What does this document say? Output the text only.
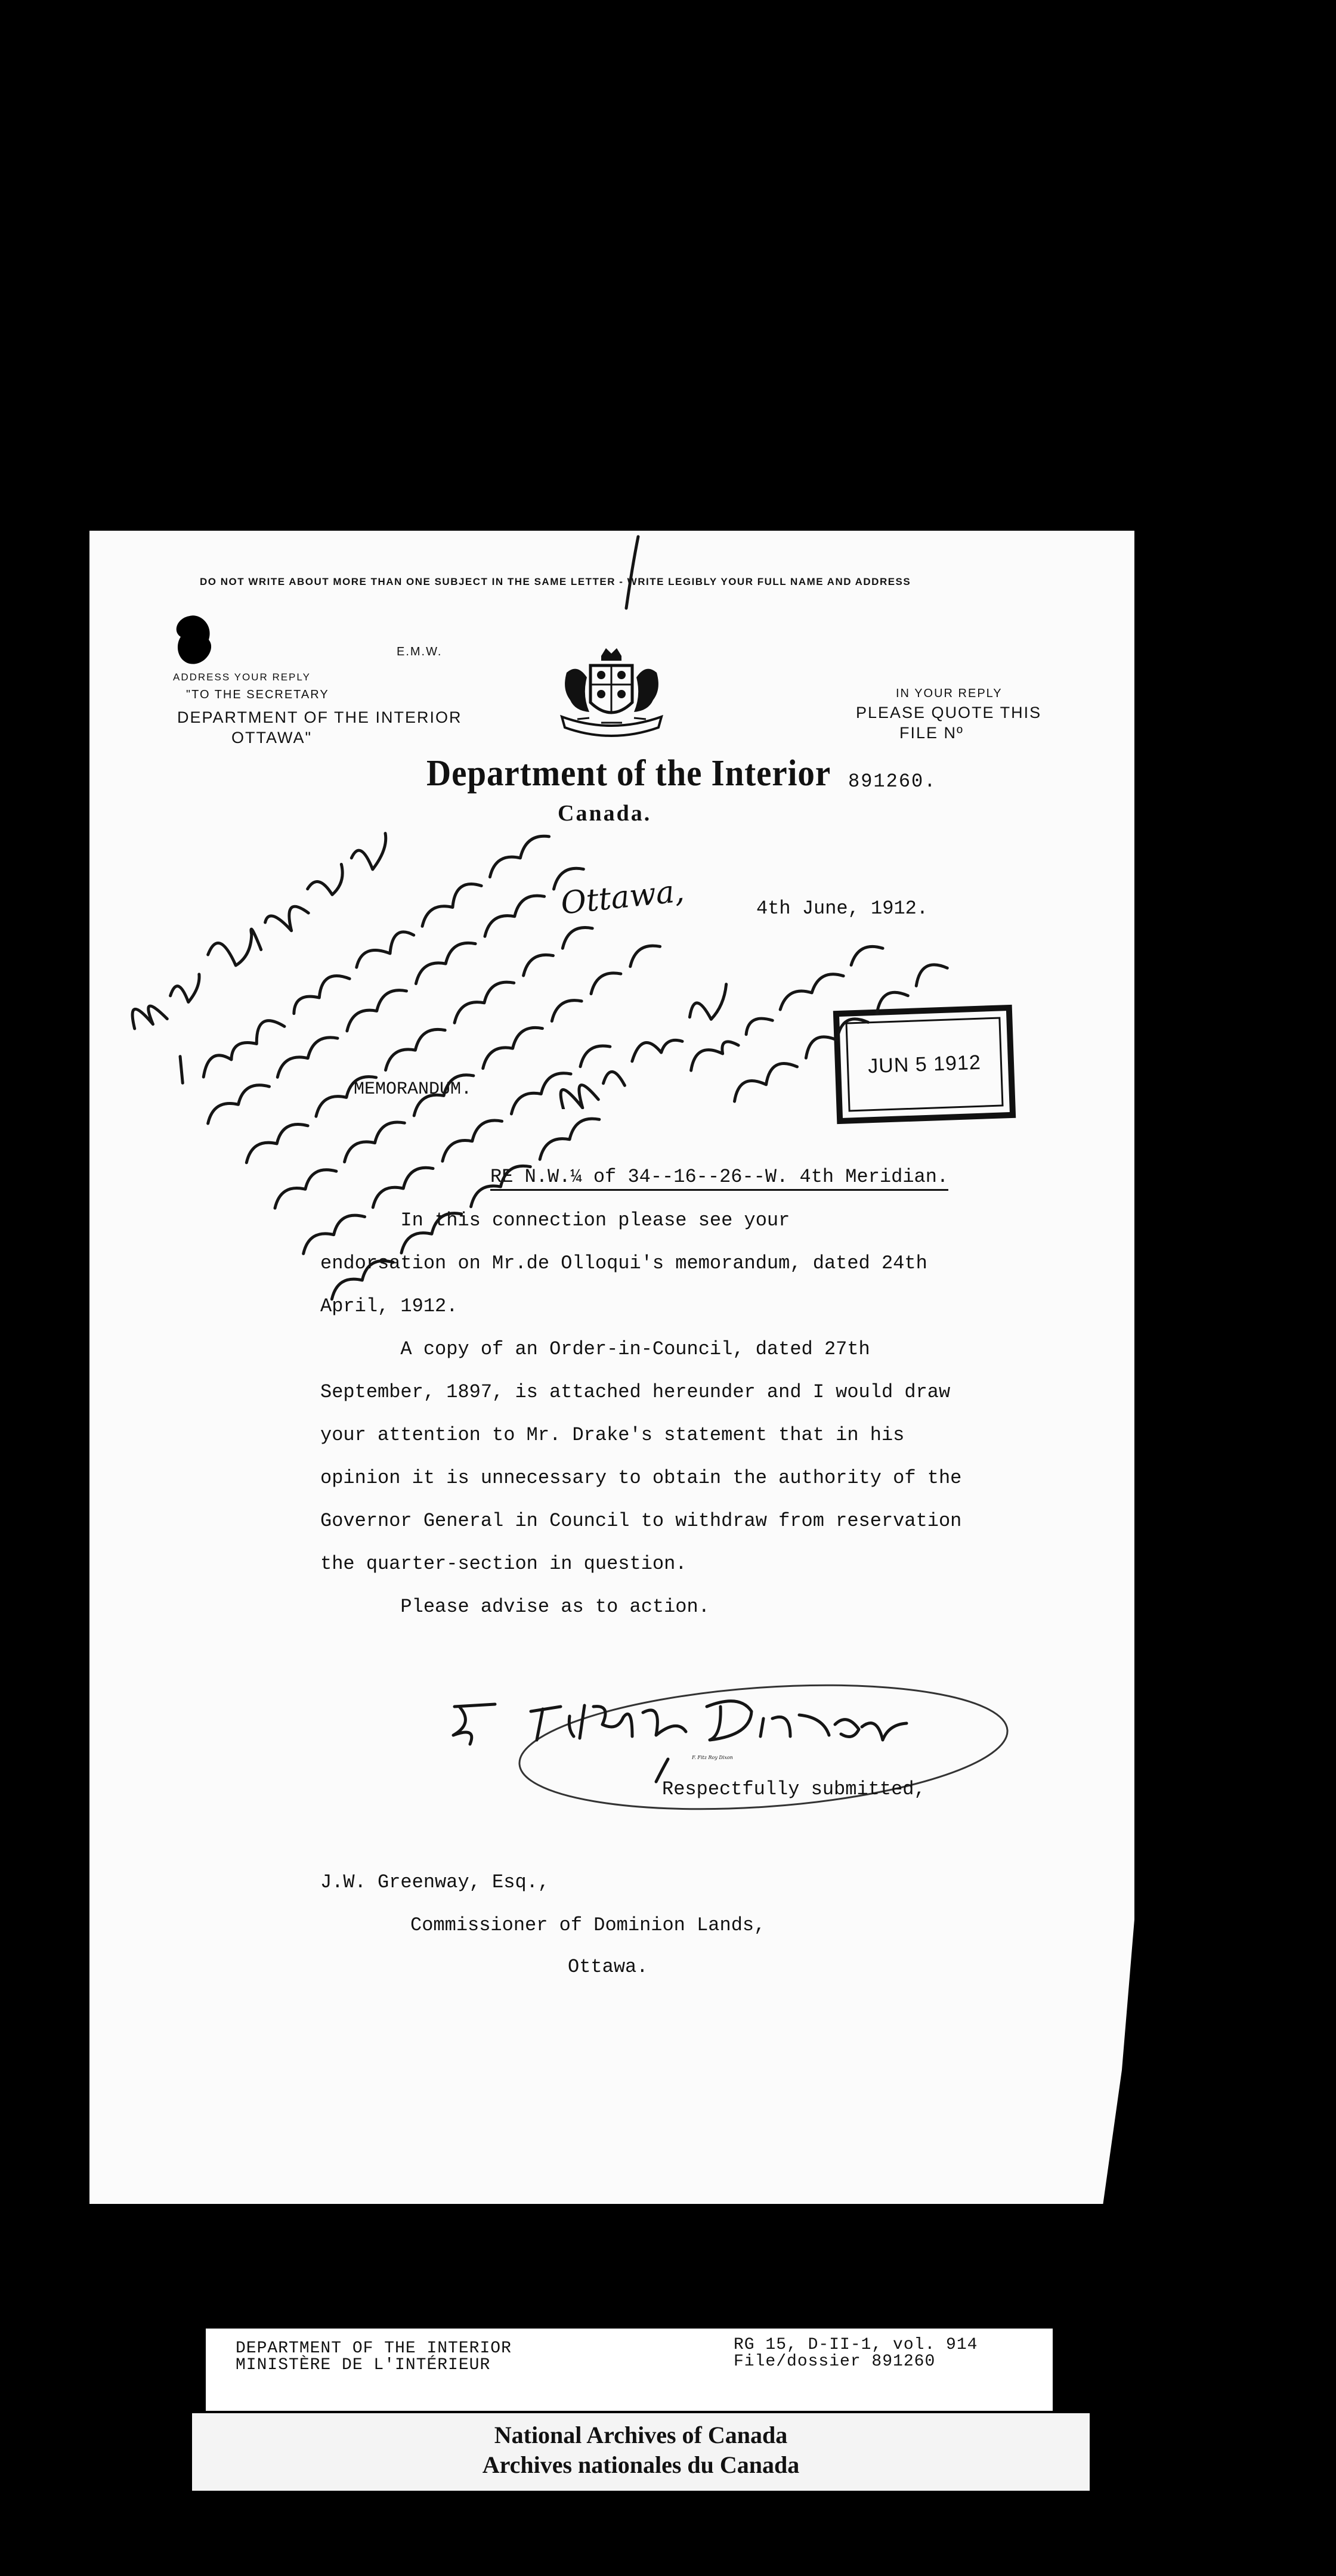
DO NOT WRITE ABOUT MORE THAN ONE SUBJECT IN THE SAME LETTER - WRITE LEGIBLY YOUR FULL NAME AND ADDRESS
E.M.W.
ADDRESS YOUR REPLY
"TO THE SECRETARY
DEPARTMENT OF THE INTERIOR
OTTAWA"
IN YOUR REPLY
PLEASE QUOTE THIS
FILE Nº
Department of the Interior
Canada.
891260.
Ottawa,	4th June, 1912.
JUN 5 1912
MEMORANDUM.
RE N.W.¼ of 34--16--26--W. 4th Meridian.
In this connection please see your
endorsation on Mr.de Olloqui's memorandum, dated 24th
April, 1912.
A copy of an Order-in-Council, dated 27th
September, 1897, is attached hereunder and I would draw
your attention to Mr. Drake's statement that in his
opinion it is unnecessary to obtain the authority of the
Governor General in Council to withdraw from reservation
the quarter-section in question.
Please advise as to action.
F. Fitz Roy Dixon
Respectfully submitted,
J.W. Greenway, Esq.,
Commissioner of Dominion Lands,
Ottawa.
DEPARTMENT OF THE INTERIOR
MINISTÈRE DE L'INTÉRIEUR
RG 15, D-II-1, vol. 914
File/dossier 891260
National Archives of Canada
Archives nationales du Canada
